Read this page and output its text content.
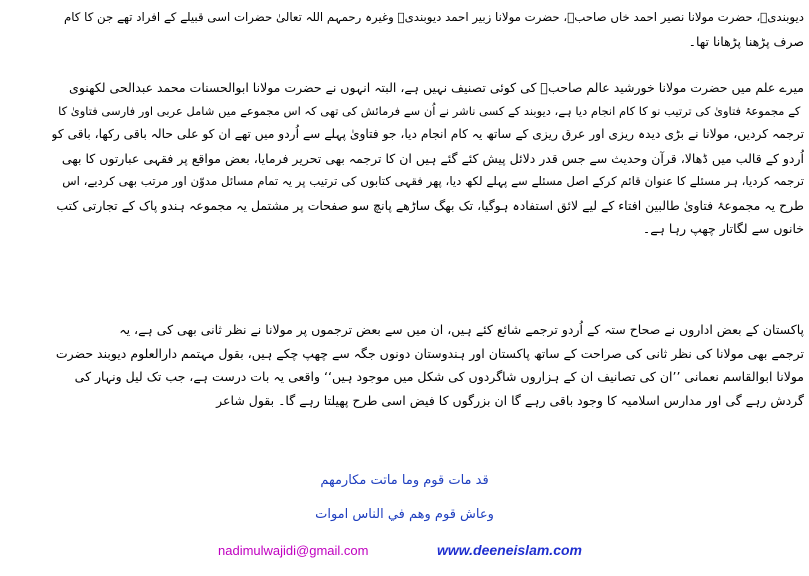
دیوبندیؒ، حضرت مولانا نصیر احمد خاں صاحبؒ، حضرت مولانا زبیر احمد دیوبندیؒ وغیرہ رحمہم اللہ تعالیٰ حضرات اسی قبیلے کے افراد تھے جن کا کام
صرف پڑھنا پڑھانا تھا۔
میرے علم میں حضرت مولانا خورشید عالم صاحبؒ کی کوئی تصنیف نہیں ہے، البتہ انہوں نے حضرت مولانا ابوالحسنات محمد عبدالحی لکھنوی
ؒ کے مجموعۂ فتاویٰ کی ترتیب نو کا کام انجام دیا ہے، دیوبند کے کسی ناشر نے اُن سے فرمائش کی تھی کہ اس مجموعے میں شامل عربی اور فارسی فتاویٰ کا
ترجمہ کردیں، مولانا نے بڑی دیدہ ریزی اور عرق ریزی کے ساتھ یہ کام انجام دیا، جو فتاویٰ پہلے سے اُردو میں تھے ان کو علی حالہ باقی رکھا، باقی کو
اُردو کے قالب میں ڈھالا، قرآن وحدیث سے جس قدر دلائل پیش کئے گئے ہیں ان کا ترجمہ بھی تحریر فرمایا، بعض مواقع پر فقہی عبارتوں کا بھی
ترجمہ کردیا، ہر مسئلے کا عنوان قائم کرکے اصل مسئلے سے پہلے لکھ دیا، پھر فقہی کتابوں کی ترتیب پر یہ تمام مسائل مدوّن اور مرتب بھی کردیے، اس
طرح یہ مجموعۂ فتاویٰ طالبین افتاء کے لیے لائق استفادہ ہوگیا، تک بھگ ساڑھے پانچ سو صفحات پر مشتمل یہ مجموعہ ہندو پاک کے تجارتی کتب
خانوں سے لگاتار چھپ رہا ہے۔
پاکستان کے بعض اداروں نے صحاح ستہ کے اُردو ترجمے شائع کئے ہیں، ان میں سے بعض ترجموں پر مولانا نے نظر ثانی بھی کی ہے، یہ
ترجمے بھی مولانا کی نظر ثانی کی صراحت کے ساتھ پاکستان اور ہندوستان دونوں جگہ سے چھپ چکے ہیں، بقول مہتمم دارالعلوم دیوبند حضرت
مولانا ابوالقاسم نعمانی ’’ان کی تصانیف ان کے ہزاروں شاگردوں کی شکل میں موجود ہیں‘‘ واقعی یہ بات درست ہے، جب تک لیل ونہار کی
گردش رہے گی اور مدارس اسلامیہ کا وجود باقی رہے گا ان بزرگوں کا فیض اسی طرح پھیلتا رہے گا۔ بقول شاعر
قد مات قوم وما ماتت مكارمهم
وعاش قوم وهم في الناس اموات
nadimulwajidi@gmail.com	www.deeneislam.com
